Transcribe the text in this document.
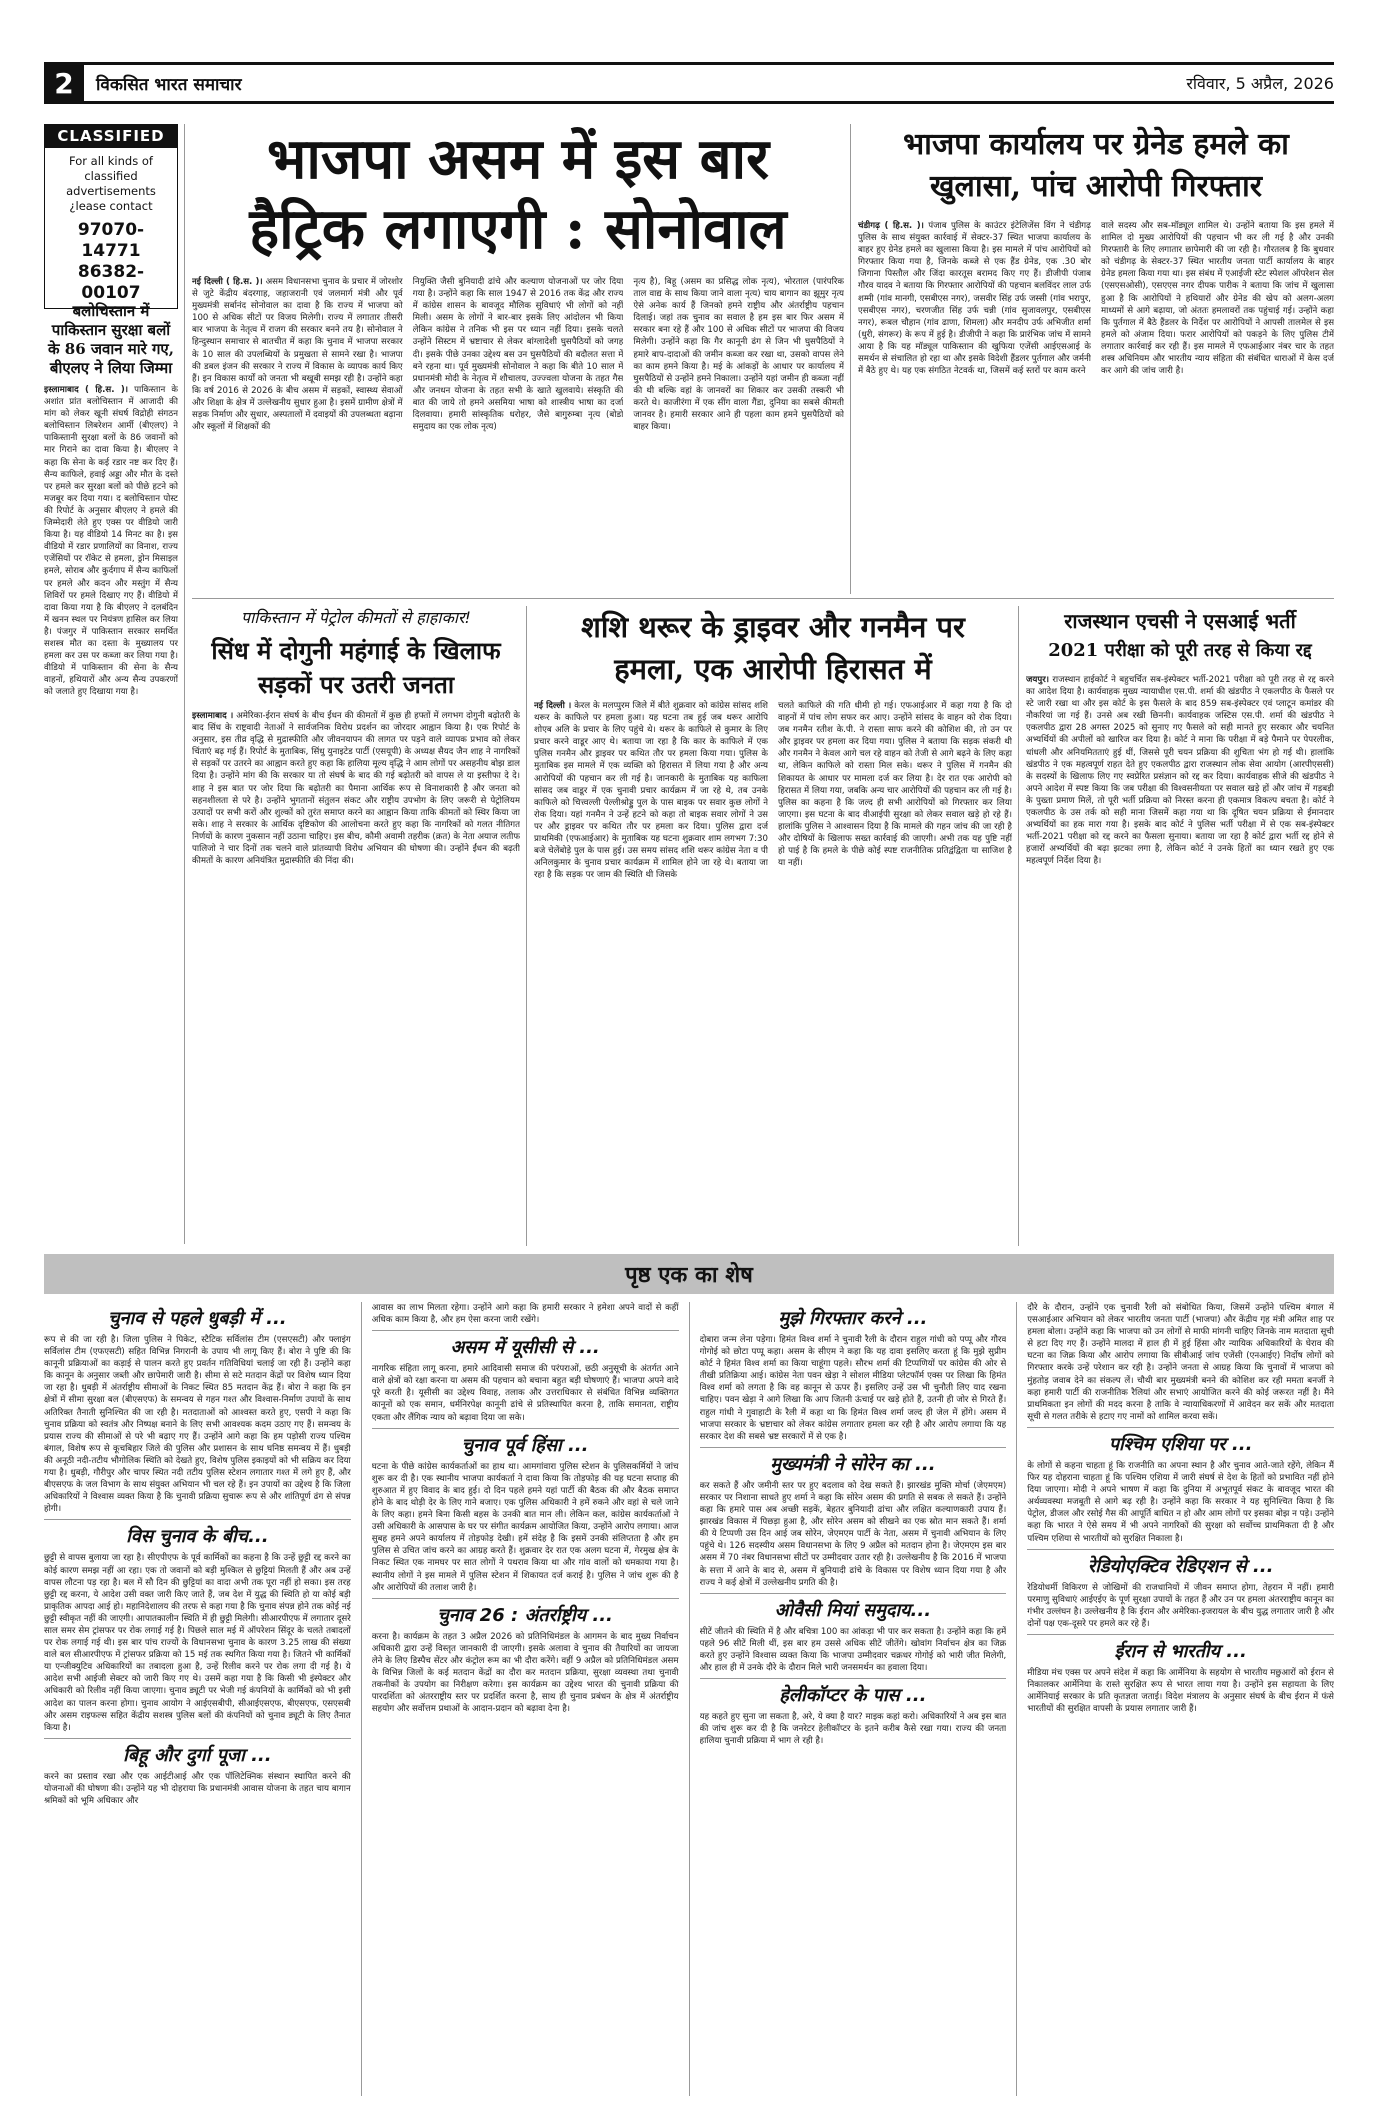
2	विकसित भारत समाचार	रविवार, 5 अप्रैल, 2026
CLASSIFIED
For all kinds of classified advertisements ¿lease contact
97070-14771
86382-00107
बलोचिस्तान में पाकिस्तान सुरक्षा बलों के 86 जवान मारे गए, बीएलए ने लिया जिम्मा
इस्लामाबाद ( हि.स. )। पाकिस्तान के अशांत प्रांत बलोचिस्तान में आजादी की मांग को लेकर खूनी संघर्ष विद्रोही संगठन बलोचिस्तान लिबरेशन आर्मी (बीएलए) ने पाकिस्तानी सुरक्षा बलों के 86 जवानों को मार गिराने का दावा किया है। बीएलए ने कहा कि सेना के कई रडार नष्ट कर दिए हैं। सैन्य काफिले, हवाई अड्डा और मौत के दस्ते पर हमले कर सुरक्षा बलों को पीछे हटने को मजबूर कर दिया गया। द बलोचिस्तान पोस्ट की रिपोर्ट के अनुसार बीएलए ने हमले की जिम्मेदारी लेते हुए एक्स पर वीडियो जारी किया है। यह वीडियो 14 मिनट का है। इस वीडियो में रडार प्रणालियों का विनाश, राज्य एजेंसियों पर रॉकेट से हमला, ड्रोन मिसाइल हमले, सोराब और कुर्दगाप में सैन्य काफिलों पर हमले और कदन और मस्तुंग में सैन्य शिविरों पर हमले दिखाए गए हैं। वीडियो में दावा किया गया है कि बीएलए ने दलबंदिन में खनन स्थल पर नियंत्रण हासिल कर लिया है। पंजगुर में पाकिस्तान सरकार समर्थित सशस्त्र मौत का दस्ता के मुख्यालय पर हमला कर उस पर कब्जा कर लिया गया है। वीडियो में पाकिस्तान की सेना के सैन्य वाहनों, हथियारों और अन्य सैन्य उपकरणों को जलाते हुए दिखाया गया है।
भाजपा असम में इस बार
हैट्रिक लगाएगी : सोनोवाल
नई दिल्ली ( हि.स. )। असम विधानसभा चुनाव के प्रचार में जोरशोर से जुटे केंद्रीय बंदरगाह, जहाजरानी एवं जलमार्ग मंत्री और पूर्व मुख्यमंत्री सर्बानंद सोनोवाल का दावा है कि राज्य में भाजपा को 100 से अधिक सीटों पर विजय मिलेगी। राज्य में लगातार तीसरी बार भाजपा के नेतृत्व में राजग की सरकार बनने तय है। सोनोवाल ने हिन्दुस्थान समाचार से बातचीत में कहा कि चुनाव में भाजपा सरकार के 10 साल की उपलब्धियों के प्रमुखता से सामने रखा है। भाजपा की डबल इंजन की सरकार ने राज्य में विकास के व्यापक कार्य किए हैं। इन विकास कार्यों को जनता भी बखूबी समझ रही है। उन्होंने कहा कि वर्ष 2016 से 2026 के बीच असम में सड़कों, स्वास्थ्य सेवाओं और शिक्षा के क्षेत्र में उल्लेखनीय सुधार हुआ है। इसमें ग्रामीण क्षेत्रों में सड़क निर्माण और सुधार, अस्पतालों में दवाइयों की उपलब्धता बढ़ाना और स्कूलों में शिक्षकों की
नियुक्ति जैसी बुनियादी ढांचे और कल्याण योजनाओं पर जोर दिया गया है। उन्होंने कहा कि साल 1947 से 2016 तक केंद्र और राज्य में कांग्रेस शासन के बावजूद मौलिक सुविधाएं भी लोगों को नहीं मिली। असम के लोगों ने बार-बार इसके लिए आंदोलन भी किया लेकिन कांग्रेस ने तनिक भी इस पर ध्यान नहीं दिया। इसके चलते उन्होंने सिस्टम में भ्रष्टाचार से लेकर बांग्लादेशी घुसपैठियों को जगह दी। इसके पीछे उनका उद्देश्य बस उन घुसपैठियों की बदौलत सत्ता में बने रहना था। पूर्व मुख्यमंत्री सोनोवाल ने कहा कि बीते 10 साल में प्रधानमंत्री मोदी के नेतृत्व में शौचालय, उज्ज्वला योजना के तहत गैस और जनधन योजना के तहत सभी के खाते खुलवाये। संस्कृति की बात की जाये तो हमने असमिया भाषा को शास्त्रीय भाषा का दर्जा दिलवाया। हमारी सांस्कृतिक धरोहर, जैसे बागुरुम्बा नृत्य (बोडो समुदाय का एक लोक नृत्य)
नृत्य है), बिहू (असम का प्रसिद्ध लोक नृत्य), भोरताल (पारंपरिक ताल वाद्य के साथ किया जाने वाला नृत्य) चाय बागान का झूमुर नृत्य ऐसे अनेक कार्य हैं जिनको हमने राष्ट्रीय और अंतर्राष्ट्रीय पहचान दिलाई। जहां तक चुनाव का सवाल है हम इस बार फिर असम में सरकार बना रहे हैं और 100 से अधिक सीटों पर भाजपा की विजय मिलेगी। उन्होंने कहा कि गैर कानूनी ढंग से जिन भी घुसपैठियों ने हमारे बाप-दादाओं की जमीन कब्जा कर रखा था, उसको वापस लेने का काम हमने किया है। मई के आंकड़ों के आधार पर कार्यालय में घुसपैठियों से उन्होंने हमने निकाला। उन्होंने यहां जमीन ही कब्जा नहीं की थी बल्कि वहां के जानवरों का शिकार कर उसकी तस्करी भी करते थे। काजीरंगा में एक सींग वाला गैंडा, दुनिया का सबसे कीमती जानवर है। हमारी सरकार आने ही पहला काम हमने घुसपैठियों को बाहर किया।
भाजपा कार्यालय पर ग्रेनेड हमले का
खुलासा, पांच आरोपी गिरफ्तार
चंडीगढ़ ( हि.स. )। पंजाब पुलिस के काउंटर इंटेलिजेंस विंग ने चंडीगढ़ पुलिस के साथ संयुक्त कार्रवाई में सेक्टर-37 स्थित भाजपा कार्यालय के बाहर हुए ग्रेनेड हमले का खुलासा किया है। इस मामले में पांच आरोपियों को गिरफ्तार किया गया है, जिनके कब्जे से एक हैंड ग्रेनेड, एक .30 बोर जिगाना पिस्तौल और जिंदा कारतूस बरामद किए गए हैं। डीजीपी पंजाब गौरव यादव ने बताया कि गिरफ्तार आरोपियों की पहचान बलविंदर लाल उर्फ शम्मी (गांव मानगी, एसबीएस नगर), जसवीर सिंह उर्फ जस्सी (गांव भरापुर, एसबीएस नगर), चरणजीत सिंह उर्फ चन्नी (गांव सुजावलपुर, एसबीएस नगर), रूबल चौहान (गांव ढाणा, शिमला) और मनदीप उर्फ अभिजीत शर्मा (धुरी, संगरूर) के रूप में हुई है। डीजीपी ने कहा कि प्रारंभिक जांच में सामने आया है कि यह मॉड्यूल पाकिस्तान की खुफिया एजेंसी आईएसआई के समर्थन से संचालित हो रहा था और इसके विदेशी हैंडलर पुर्तगाल और जर्मनी में बैठे हुए थे। यह एक संगठित नेटवर्क था, जिसमें कई स्तरों पर काम करने
वाले सदस्य और सब-मॉड्यूल शामिल थे। उन्होंने बताया कि इस हमले में शामिल दो मुख्य आरोपियों की पहचान भी कर ली गई है और उनकी गिरफ्तारी के लिए लगातार छापेमारी की जा रही है। गौरतलब है कि बुधवार को चंडीगढ़ के सेक्टर-37 स्थित भारतीय जनता पार्टी कार्यालय के बाहर ग्रेनेड हमला किया गया था। इस संबंध में एआईजी स्टेट स्पेशल ऑपरेशन सेल (एसएसओसी), एसएएस नगर दीपक पारीक ने बताया कि जांच में खुलासा हुआ है कि आरोपियों ने हथियारों और ग्रेनेड की खेप को अलग-अलग माध्यमों से आगे बढ़ाया, जो अंततः हमलावरों तक पहुंचाई गई। उन्होंने कहा कि पुर्तगाल में बैठे हैंडलर के निर्देश पर आरोपियों ने आपसी तालमेल से इस हमले को अंजाम दिया। फरार आरोपियों को पकड़ने के लिए पुलिस टीमें लगातार कार्रवाई कर रही हैं। इस मामले में एफआईआर नंबर चार के तहत शस्त्र अधिनियम और भारतीय न्याय संहिता की संबंधित धाराओं में केस दर्ज कर आगे की जांच जारी है।
पाकिस्तान में पेट्रोल कीमतों से हाहाकार!
सिंध में दोगुनी महंगाई के खिलाफ सड़कों पर उतरी जनता
इस्लामाबाद । अमेरिका-ईरान संघर्ष के बीच ईंधन की कीमतों में कुछ ही हफ्तों में लगभग दोगुनी बढ़ोतरी के बाद सिंध के राष्ट्रवादी नेताओं ने सार्वजनिक विरोध प्रदर्शन का जोरदार आह्वान किया है। एक रिपोर्ट के अनुसार, इस तीव्र वृद्धि से मुद्रास्फीति और जीवनयापन की लागत पर पड़ने वाले व्यापक प्रभाव को लेकर चिंताएं बढ़ गई हैं। रिपोर्ट के मुताबिक, सिंधु युनाइटेड पार्टी (एसयूपी) के अध्यक्ष सैयद जैन शाह ने नागरिकों से सड़कों पर उतरने का आह्वान करते हुए कहा कि हालिया मूल्य वृद्धि ने आम लोगों पर असहनीय बोझ डाल दिया है। उन्होंने मांग की कि सरकार या तो संघर्ष के बाद की गई बढ़ोतरी को वापस ले या इस्तीफा दे दे। शाह ने इस बात पर जोर दिया कि बढ़ोतरी का पैमाना आर्थिक रूप से विनाशकारी है और जनता को सहनशीलता से परे है। उन्होंने भुगतानों संतुलन संकट और राष्ट्रीय उपभोग के लिए जरूरी से पेट्रोलियम उत्पादों पर सभी करों और शुल्कों को तुरंत समाप्त करने का आह्वान किया ताकि कीमतों को स्थिर किया जा सके। शाह ने सरकार के आर्थिक दृष्टिकोण की आलोचना करते हुए कहा कि नागरिकों को गलत नीतिगत निर्णयों के कारण नुकसान नहीं उठाना चाहिए। इस बीच, कौमी अवामी तहरीक (क़त) के नेता अयाज लतीफ पालिजो ने चार दिनों तक चलने वाले प्रांतव्यापी विरोध अभियान की घोषणा की। उन्होंने ईंधन की बढ़ती कीमतों के कारण अनियंत्रित मुद्रास्फीति की निंदा की।
शशि थरूर के ड्राइवर और गनमैन पर
हमला, एक आरोपी हिरासत में
नई दिल्ली । केरल के मलप्पुरम जिले में बीते शुक्रवार को कांग्रेस सांसद शशि थरूर के काफिले पर हमला हुआ। यह घटना तब हुई जब थरूर आरोपि शोएब अलि के प्रचार के लिए पहुंचे थे। थरूर के काफिले से कुमार के लिए प्रचार करने वाडूर आए थे। बताया जा रहा है कि कार के काफिले में एक पुलिस गनमैन और ड्राइवर पर कथित तौर पर हमला किया गया। पुलिस के मुताबिक इस मामले में एक व्यक्ति को हिरासत में लिया गया है और अन्य आरोपियों की पहचान कर ली गई है। जानकारी के मुताबिक यह काफिला सांसद जब वाडूर में एक चुनावी प्रचार कार्यक्रम में जा रहे थे, तब उनके काफिले को चित्त्वल्ली पेल्लीश्रोड्डु पुल के पास बाइक पर सवार कुछ लोगों ने रोक दिया। यहां गनमैन ने उन्हें हटने को कहा तो बाइक सवार लोगों ने उस पर और ड्राइवर पर कथित तौर पर हमला कर दिया। पुलिस द्वारा दर्ज प्राथमिकी (एफआईआर) के मुताबिक यह घटना शुक्रवार शाम लगभग 7:30 बजे चेलेंबोड़े पुल के पास हुई। उस समय सांसद शशि थरूर कांग्रेस नेता व पी अनिलकुमार के चुनाव प्रचार कार्यक्रम में शामिल होने जा रहे थे। बताया जा रहा है कि सड़क पर जाम की स्थिति थी जिसके
चलते काफिले की गति धीमी हो गई। एफआईआर में कहा गया है कि दो वाहनों में पांच लोग सफर कर आए। उन्होंने सांसद के वाहन को रोक दिया। जब गनमैन रतीश के.पी. ने रास्ता साफ करने की कोशिश की, तो उन पर और ड्राइवर पर हमला कर दिया गया। पुलिस ने बताया कि सड़क संकरी थी और गनमैन ने केवल आगे चल रहे वाहन को तेजी से आगे बढ़ने के लिए कहा था, लेकिन काफिले को रास्ता मिल सके। थरूर ने पुलिस में गनमैन की शिकायत के आधार पर मामला दर्ज कर लिया है। देर रात एक आरोपी को हिरासत में लिया गया, जबकि अन्य चार आरोपियों की पहचान कर ली गई है। पुलिस का कहना है कि जल्द ही सभी आरोपियों को गिरफ्तार कर लिया जाएगा। इस घटना के बाद वीआईपी सुरक्षा को लेकर सवाल खड़े हो रहे हैं। हालांकि पुलिस ने आश्वासन दिया है कि मामले की गहन जांच की जा रही है और दोषियों के खिलाफ सख्त कार्रवाई की जाएगी। अभी तक यह पुष्टि नहीं हो पाई है कि हमले के पीछे कोई स्पष्ट राजनीतिक प्रतिद्वंद्विता या साजिश है या नहीं।
राजस्थान एचसी ने एसआई भर्ती
2021 परीक्षा को पूरी तरह से किया रद्द
जयपुर। राजस्थान हाईकोर्ट ने बहुचर्चित सब-इंस्पेक्टर भर्ती-2021 परीक्षा को पूरी तरह से रद्द करने का आदेश दिया है। कार्यवाहक मुख्य न्यायाधीश एस.पी. शर्मा की खंडपीठ ने एकलपीठ के फैसले पर स्टे जारी रखा था और इस कोर्ट के इस फैसले के बाद 859 सब-इंस्पेक्टर एवं प्लाटून कमांडर की नौकरियां जा गई हैं। उनसे अब रखी छिननी। कार्यवाहक जस्टिस एस.पी. शर्मा की खंडपीठ ने एकलपीठ द्वारा 28 अगस्त 2025 को सुनाए गए फैसले को सही मानते हुए सरकार और चयनित अभ्यर्थियों की अपीलों को खारिज कर दिया है। कोर्ट ने माना कि परीक्षा में बड़े पैमाने पर पेपरलीक, धांधली और अनियमितताएं हुई थीं, जिससे पूरी चयन प्रक्रिया की शुचिता भंग हो गई थी। हालांकि खंडपीठ ने एक महत्वपूर्ण राहत देते हुए एकलपीठ द्वारा राजस्थान लोक सेवा आयोग (आरपीएससी) के सदस्यों के खिलाफ लिए गए स्वप्रेरित प्रसंज्ञान को रद्द कर दिया। कार्यवाहक सीजे की खंडपीठ ने अपने आदेश में स्पष्ट किया कि जब परीक्षा की विश्वसनीयता पर सवाल खड़े हों और जांच में गड़बड़ी के पुख्ता प्रमाण मिलें, तो पूरी भर्ती प्रक्रिया को निरस्त करना ही एकमात्र विकल्प बचता है। कोर्ट ने एकलपीठ के उस तर्क को सही माना जिसमें कहा गया था कि दूषित चयन प्रक्रिया से ईमानदार अभ्यर्थियों का हक मारा गया है। इसके बाद कोर्ट ने पुलिस भर्ती परीक्षा में से एक सब-इंस्पेक्टर भर्ती-2021 परीक्षा को रद्द करने का फैसला सुनाया। बताया जा रहा है कोर्ट द्वारा भर्ती रद्द होने से हजारों अभ्यर्थियों की बढ़ा झटका लगा है, लेकिन कोर्ट ने उनके हितों का ध्यान रखते हुए एक महत्वपूर्ण निर्देश दिया है।
पृष्ठ एक का शेष
चुनाव से पहले धुबड़ी में ...
रूप से की जा रही है। जिला पुलिस ने पिकेट, स्टैटिक सर्विलांस टीम (एसएसटी) और फ्लाइंग सर्विलांस टीम (एफएसटी) सहित विभिन्न निगरानी के उपाय भी लागू किए हैं। बोरा ने पुष्टि की कि कानूनी प्रक्रियाओं का कड़ाई से पालन करते हुए प्रवर्तन गतिविधियां चलाई जा रही हैं। उन्होंने कहा कि कानून के अनुसार जब्ती और छापेमारी जारी है। सीमा से सटे मतदान केंद्रों पर विशेष ध्यान दिया जा रहा है। धुबड़ी में अंतर्राष्ट्रीय सीमाओं के निकट स्थित 85 मतदान केंद्र हैं। बोरा ने कहा कि इन क्षेत्रों में सीमा सुरक्षा बल (बीएसएफ) के समन्वय से गहन गश्त और विश्वास-निर्माण उपायों के साथ अतिरिक्त तैनाती सुनिश्चित की जा रही है। मतदाताओं को आश्वस्त करते हुए, एसपी ने कहा कि चुनाव प्रक्रिया को स्वतंत्र और निष्पक्ष बनाने के लिए सभी आवश्यक कदम उठाए गए हैं। समन्वय के प्रयास राज्य की सीमाओं से परे भी बढ़ाए गए हैं। उन्होंने आगे कहा कि हम पड़ोसी राज्य पश्चिम बंगाल, विशेष रूप से कूचबिहार जिले की पुलिस और प्रशासन के साथ घनिष्ठ समन्वय में हैं। धुबड़ी की अनूठी नदी-तटीय भौगोलिक स्थिति को देखते हुए, विशेष पुलिस इकाइयों को भी सक्रिय कर दिया गया है। धुबड़ी, गौरीपुर और चापर स्थित नदी तटीय पुलिस स्टेशन लगातार गश्त में लगे हुए हैं, और बीएसएफ के जल विभाग के साथ संयुक्त अभियान भी चल रहे हैं। इन उपायों का उद्देश्य है कि जिला अधिकारियों ने विश्वास व्यक्त किया है कि चुनावी प्रक्रिया सुचारू रूप से और शांतिपूर्ण ढंग से संपन्न होगी।
विस चुनाव के बीच...
छुट्टी से वापस बुलाया जा रहा है। सीएपीएफ के पूर्व कार्मिकों का कहना है कि उन्हें छुट्टी रद्द करने का कोई कारण समझ नहीं आ रहा। एक तो जवानों को बड़ी मुश्किल से छुट्टियां मिलती हैं और अब उन्हें वापस लौटना पड़ रहा है। बल में सौ दिन की छुट्टियां का वादा अभी तक पूरा नहीं हो सका। इस तरह छुट्टी रद्द करना, ये आदेश उसी वक्त जारी किए जाते हैं, जब देश में युद्ध की स्थिति हो या कोई बड़ी प्राकृतिक आपदा आई हो। महानिदेशालय की तरफ से कहा गया है कि चुनाव संपन्न होने तक कोई नई छुट्टी स्वीकृत नहीं की जाएगी। आपातकालीन स्थिति में ही छुट्टी मिलेगी। सीआरपीएफ में लगातार दूसरे साल समर सेम ट्रांसफर पर रोक लगाई गई है। पिछले साल मई में ऑपरेशन सिंदूर के चलते तबादलों पर रोक लगाई गई थी। इस बार पांच राज्यों के विधानसभा चुनाव के कारण 3.25 लाख की संख्या वाले बल सीआरपीएफ में ट्रांसफर प्रक्रिया को 15 मई तक स्थगित किया गया है। जितने भी कार्मिकों या एन्जीक्युटिव अधिकारियों का तबादला हुआ है, उन्हें रिलीव करने पर रोक लगा दी गई है। ये आदेश सभी आईजी सेक्टर को जारी किए गए थे। उसमें कहा गया है कि किसी भी इंस्पेक्टर और अधिकारी को रिलीव नहीं किया जाएगा। चुनाव ड्यूटी पर भेजी गई कंपनियों के कार्मिकों को भी इसी आदेश का पालन करना होगा। चुनाव आयोग ने आईएसबीपी, सीआईएसएफ, बीएसएफ, एसएसबी और असम राइफल्स सहित केंद्रीय सशस्त्र पुलिस बलों की कंपनियों को चुनाव ड्यूटी के लिए तैनात किया है।
बिहू और दुर्गा पूजा ...
करने का प्रस्ताव रखा और एक आईटीआई और एक पॉलिटेक्निक संस्थान स्थापित करने की योजनाओं की घोषणा की। उन्होंने यह भी दोहराया कि प्रधानमंत्री आवास योजना के तहत चाय बागान श्रमिकों को भूमि अधिकार और
आवास का लाभ मिलता रहेगा। उन्होंने आगे कहा कि हमारी सरकार ने हमेशा अपने वादों से कहीं अधिक काम किया है, और हम ऐसा करना जारी रखेंगे।
असम में यूसीसी से ...
नागरिक संहिता लागू करना, हमारे आदिवासी समाज की परंपराओं, छठी अनुसूची के अंतर्गत आने वाले क्षेत्रों को रक्षा करना या असम की पहचान को बचाना बहुत बड़ी घोषणाएं हैं। भाजपा अपने वादे पूरे करती है। यूसीसी का उद्देश्य विवाह, तलाक और उत्तराधिकार से संबंधित विभिन्न व्यक्तिगत कानूनों को एक समान, धर्मनिरपेक्ष कानूनी ढांचे से प्रतिस्थापित करना है, ताकि समानता, राष्ट्रीय एकता और लैंगिक न्याय को बढ़ावा दिया जा सके।
चुनाव पूर्व हिंसा ...
घटना के पीछे कांग्रेस कार्यकर्ताओं का हाथ था। आमगांवारा पुलिस स्टेशन के पुलिसकर्मियों ने जांच शुरू कर दी है। एक स्थानीय भाजपा कार्यकर्ता ने दावा किया कि तोड़फोड़ की यह घटना सप्ताह की शुरुआत में हुए विवाद के बाद हुई। दो दिन पहले हमने यहां पार्टी की बैठक की और बैठक समाप्त होने के बाद थोड़ी देर के लिए गाने बजाए। एक पुलिस अधिकारी ने हमें रुकने और वहां से चले जाने के लिए कहा। हमने बिना किसी बहस के उनकी बात मान ली। लेकिन कल, कांग्रेस कार्यकर्ताओं ने उसी अधिकारी के आसपास के घर पर संगीत कार्यक्रम आयोजित किया, उन्होंने आरोप लगाया। आज सुबह हमने अपने कार्यालय में तोड़फोड़ देखी। हमें संदेह है कि इसमें उनकी संलिप्तता है और हम पुलिस से उचित जांच करने का आग्रह करते हैं। शुक्रवार देर रात एक अलग घटना में, गेरमुख क्षेत्र के निकट स्थित एक नामघर पर सात लोगों ने पथराव किया था और गांव वालों को धमकाया गया है। स्थानीय लोगों ने इस मामले में पुलिस स्टेशन में शिकायत दर्ज कराई है। पुलिस ने जांच शुरू की है और आरोपियों की तलाश जारी है।
चुनाव 26 : अंतर्राष्ट्रीय ...
करना है। कार्यक्रम के तहत 3 अप्रैल 2026 को प्रतिनिधिमंडल के आगमन के बाद मुख्य निर्वाचन अधिकारी द्वारा उन्हें विस्तृत जानकारी दी जाएगी। इसके अलावा वे चुनाव की तैयारियों का जायजा लेने के लिए डिस्पैच सेंटर और कंट्रोल रूम का भी दौरा करेंगे। वहीं 9 अप्रैल को प्रतिनिधिमंडल असम के विभिन्न जिलों के कई मतदान केंद्रों का दौरा कर मतदान प्रक्रिया, सुरक्षा व्यवस्था तथा चुनावी तकनीकों के उपयोग का निरीक्षण करेगा। इस कार्यक्रम का उद्देश्य भारत की चुनावी प्रक्रिया की पारदर्शिता को अंतरराष्ट्रीय स्तर पर प्रदर्शित करना है, साथ ही चुनाव प्रबंधन के क्षेत्र में अंतर्राष्ट्रीय सहयोग और सर्वोत्तम प्रथाओं के आदान-प्रदान को बढ़ावा देना है।
मुझे गिरफ्तार करने ...
दोबारा जन्म लेना पड़ेगा। हिमंत विश्व शर्मा ने चुनावी रैली के दौरान राहुल गांधी को पप्पू और गौरव गोगोई को छोटा पप्पू कहा। असम के सीएम ने कहा कि यह दावा इसलिए करता हूं कि मुझे सुप्रीम कोर्ट ने हिमंत विश्व शर्मा का किया चाहूंगा पहले। सौरभ शर्मा की टिप्पणियों पर कांग्रेस की ओर से तीखी प्रतिक्रिया आई। कांग्रेस नेता पवन खेड़ा ने सोशल मीडिया प्लेटफॉर्म एक्स पर लिखा कि हिमंत विश्व शर्मा को लगता है कि वह कानून से ऊपर हैं। इसलिए उन्हें उस भी चुनौती लिए याद रखना चाहिए। पवन खेड़ा ने आगे लिखा कि आप जितनी ऊंचाई पर खड़े होते हैं, उतनी ही जोर से गिरते हैं। राहुल गांधी ने गुवाहाटी के रैली में कहा था कि हिमंत विश्व शर्मा जल्द ही जेल में होंगे। असम में भाजपा सरकार के भ्रष्टाचार को लेकर कांग्रेस लगातार हमला कर रही है और आरोप लगाया कि यह सरकार देश की सबसे भ्रष्ट सरकारों में से एक है।
मुख्यमंत्री ने सोरेन का ...
कर सकते हैं और जमीनी स्तर पर हुए बदलाव को देख सकते हैं। झारखंड मुक्ति मोर्चा (जेएमएम) सरकार पर निशाना साधते हुए शर्मा ने कहा कि सोरेन असम की प्रगति से सबक ले सकते हैं। उन्होंने कहा कि हमारे पास अब अच्छी सड़कें, बेहतर बुनियादी ढांचा और लक्षित कल्याणकारी उपाय हैं। झारखंड विकास में पिछड़ा हुआ है, और सोरेन असम को सीखने का एक स्रोत मान सकते हैं। शर्मा की ये टिप्पणी उस दिन आई जब सोरेन, जेएमएम पार्टी के नेता, असम में चुनावी अभियान के लिए पहुंचे थे। 126 सदस्यीय असम विधानसभा के लिए 9 अप्रैल को मतदान होना है। जेएमएम इस बार असम में 70 नंबर विधानसभा सीटों पर उम्मीदवार उतार रही है। उल्लेखनीय है कि 2016 में भाजपा के सत्ता में आने के बाद से, असम में बुनियादी ढांचे के विकास पर विशेष ध्यान दिया गया है और राज्य ने कई क्षेत्रों में उल्लेखनीय प्रगति की है।
ओवैसी मियां समुदाय...
सीटें जीतने की स्थिति में है और बचित्रा 100 का आंकड़ा भी पार कर सकता है। उन्होंने कहा कि हमें पहले 96 सीटें मिली थीं, इस बार हम उससे अधिक सीटें जीतेंगे। खोवांग निर्वाचन क्षेत्र का जिक्र करते हुए उन्होंने विश्वास व्यक्त किया कि भाजपा उम्मीदवार चक्रधर गोगोई को भारी जीत मिलेगी, और हाल ही में उनके दौरे के दौरान मिले भारी जनसमर्थन का हवाला दिया।
हेलीकॉप्टर के पास ...
यह कहते हुए सुना जा सकता है, अरे, ये क्या है यार? माइक कहां करो। अधिकारियों ने अब इस बात की जांच शुरू कर दी है कि जनरेटर हेलीकॉप्टर के इतने करीब कैसे रखा गया। राज्य की जनता हालिया चुनावी प्रक्रिया में भाग ले रही है।
दौरे के दौरान, उन्होंने एक चुनावी रैली को संबोधित किया, जिसमें उन्होंने पश्चिम बंगाल में एसआईआर अभियान को लेकर भारतीय जनता पार्टी (भाजपा) और केंद्रीय गृह मंत्री अमित शाह पर हमला बोला। उन्होंने कहा कि भाजपा को उन लोगों से माफी मांगनी चाहिए जिनके नाम मतदाता सूची से हटा दिए गए हैं। उन्होंने मालदा में हाल ही में हुई हिंसा और न्यायिक अधिकारियों के घेराव की घटना का जिक्र किया और आरोप लगाया कि सीबीआई जांच एजेंसी (एनआईए) निर्दोष लोगों को गिरफ्तार करके उन्हें परेशान कर रही है। उन्होंने जनता से आग्रह किया कि चुनावों में भाजपा को मुंहतोड़ जवाब देने का संकल्प लें। चौथी बार मुख्यमंत्री बनने की कोशिश कर रही ममता बनर्जी ने कहा हमारी पार्टी की राजनीतिक रैलियां और सभाएं आयोजित करने की कोई जरूरत नहीं है। मैंने प्राथमिकता इन लोगों की मदद करना है ताकि वे न्यायाधिकरणों में आवेदन कर सकें और मतदाता सूची से गलत तरीके से हटाए गए नामों को शामिल करवा सकें।
पश्चिम एशिया पर ...
के लोगों से कहना चाहता हूं कि राजनीति का अपना स्थान है और चुनाव आते-जाते रहेंगे, लेकिन मैं फिर यह दोहराना चाहता हूं कि पश्चिम एशिया में जारी संघर्ष से देश के हितों को प्रभावित नहीं होने दिया जाएगा। मोदी ने अपने भाषण में कहा कि दुनिया में अभूतपूर्व संकट के बावजूद भारत की अर्थव्यवस्था मजबूती से आगे बढ़ रही है। उन्होंने कहा कि सरकार ने यह सुनिश्चित किया है कि पेट्रोल, डीजल और रसोई गैस की आपूर्ति बाधित न हो और आम लोगों पर इसका बोझ न पड़े। उन्होंने कहा कि भारत ने ऐसे समय में भी अपने नागरिकों की सुरक्षा को सर्वोच्च प्राथमिकता दी है और पश्चिम एशिया से भारतीयों को सुरक्षित निकाला है।
रेडियोएक्टिव रेडिएशन से ...
रेडियोधर्मी विकिरण से जोखिमों की राजधानियों में जीवन समाप्त होगा, तेहरान में नहीं। हमारी परमाणु सुविधाएं आईएईए के पूर्ण सुरक्षा उपायों के तहत हैं और उन पर हमला अंतरराष्ट्रीय कानून का गंभीर उल्लंघन है। उल्लेखनीय है कि ईरान और अमेरिका-इजरायल के बीच युद्ध लगातार जारी है और दोनों पक्ष एक-दूसरे पर हमले कर रहे हैं।
ईरान से भारतीय ...
मीडिया मंच एक्स पर अपने संदेश में कहा कि आर्मेनिया के सहयोग से भारतीय मछुआरों को ईरान से निकालकर आर्मेनिया के रास्ते सुरक्षित रूप से भारत लाया गया है। उन्होंने इस सहायता के लिए आर्मेनियाई सरकार के प्रति कृतज्ञता जताई। विदेश मंत्रालय के अनुसार संघर्ष के बीच ईरान में फंसे भारतीयों की सुरक्षित वापसी के प्रयास लगातार जारी हैं।
